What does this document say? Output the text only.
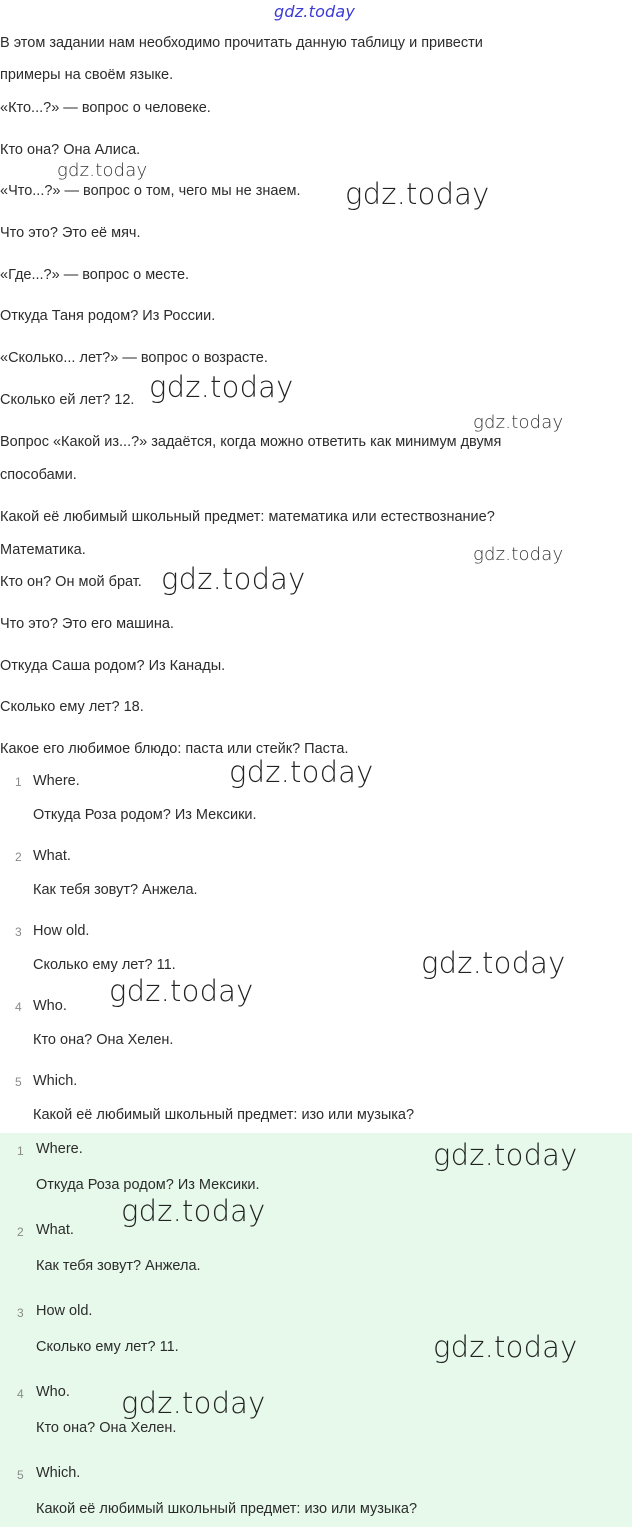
gdz.today
В этом задании нам необходимо прочитать данную таблицу и привести
примеры на своём языке.
«Кто...?» — вопрос о человеке.
Кто она? Она Алиса.
«Что...?» — вопрос о том, чего мы не знаем.
Что это? Это её мяч.
«Где...?» — вопрос о месте.
Откуда Таня родом? Из России.
«Сколько... лет?» — вопрос о возрасте.
Сколько ей лет? 12.
Вопрос «Какой из...?» задаётся, когда можно ответить как минимум двумя
способами.
Какой её любимый школьный предмет: математика или естествознание?
Математика.
Кто он? Он мой брат.
Что это? Это его машина.
Откуда Саша родом? Из Канады.
Сколько ему лет? 18.
Какое его любимое блюдо: паста или стейк? Паста.
1 Where.
Откуда Роза родом? Из Мексики.
2 What.
Как тебя зовут? Анжела.
3 How old.
Сколько ему лет? 11.
4 Who.
Кто она? Она Хелен.
5 Which.
Какой её любимый школьный предмет: изо или музыка?
1 Where.
Откуда Роза родом? Из Мексики.
2 What.
Как тебя зовут? Анжела.
3 How old.
Сколько ему лет? 11.
4 Who.
Кто она? Она Хелен.
5 Which.
Какой её любимый школьный предмет: изо или музыка?
gdz.today
gdz.today
gdz.today
gdz.today
gdz.today
gdz.today
gdz.today
gdz.today
gdz.today
gdz.today
gdz.today
gdz.today
gdz.today
